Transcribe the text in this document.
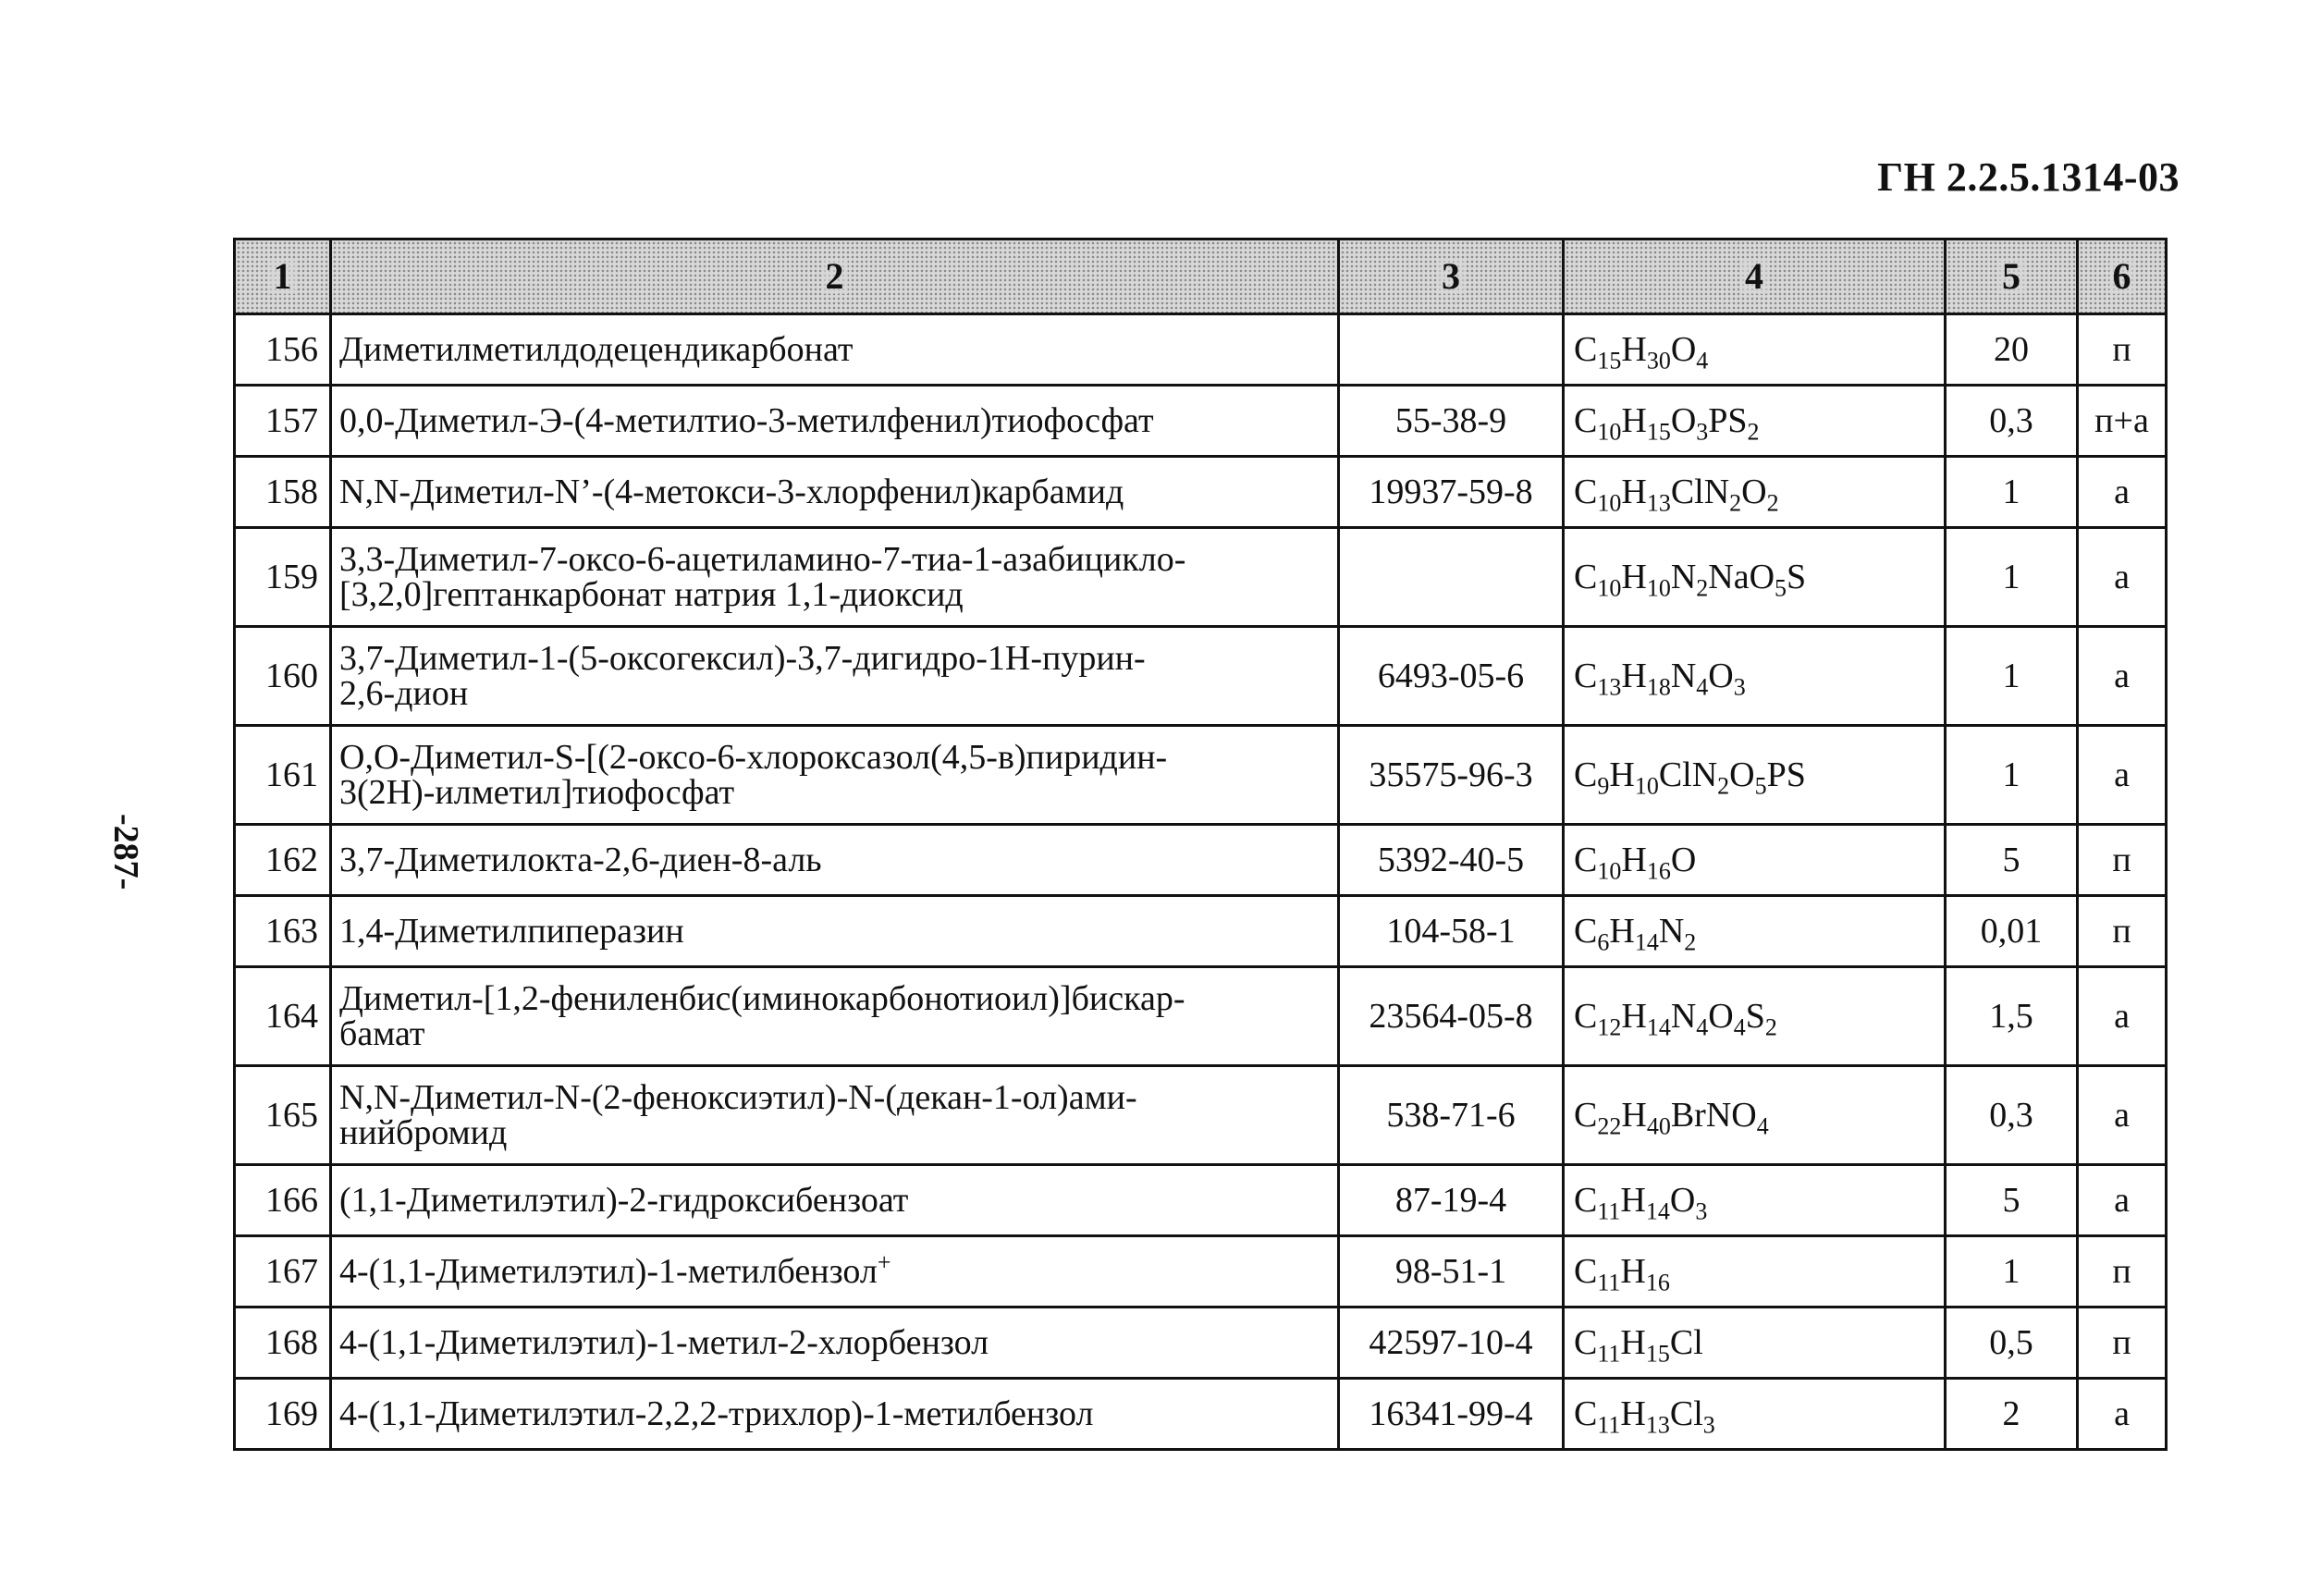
ГН 2.2.5.1314-03
-287-
1	2	3	4	5	6
156	Диметилметилдодецендикарбонат		$C_{15}H_{30}O_4$	20	п
157	0,0-Диметил-Э-(4-метилтио-3-метилфенил)тиофосфат	55-38-9	$C_{10}H_{15}O_3PS_2$	0,3	п+а
158	N,N-Диметил-N’-(4-метокси-3-хлорфенил)карбамид	19937-59-8	$C_{10}H_{13}ClN_2O_2$	1	а
159	3,3-Диметил-7-оксо-6-ацетиламино-7-тиа-1-азабицикло-
[3,2,0]гептанкарбонат натрия 1,1-диоксид		$C_{10}H_{10}N_2NaO_5S$	1	а
160	3,7-Диметил-1-(5-оксогексил)-3,7-дигидро-1Н-пурин-
2,6-дион	6493-05-6	$C_{13}H_{18}N_4O_3$	1	а
161	O,O-Диметил-S-[(2-оксо-6-хлороксазол(4,5-в)пиридин-
3(2H)-илметил]тиофосфат	35575-96-3	$C_9H_{10}ClN_2O_5PS$	1	а
162	3,7-Диметилокта-2,6-диен-8-аль	5392-40-5	$C_{10}H_{16}O$	5	п
163	1,4-Диметилпиперазин	104-58-1	$C_6H_{14}N_2$	0,01	п
164	Диметил-[1,2-фениленбис(иминокарбонотиоил)]бискар-
бамат	23564-05-8	$C_{12}H_{14}N_4O_4S_2$	1,5	а
165	N,N-Диметил-N-(2-феноксиэтил)-N-(декан-1-ол)ами-
нийбромид	538-71-6	$C_{22}H_{40}BrNO_4$	0,3	а
166	(1,1-Диметилэтил)-2-гидроксибензоат	87-19-4	$C_{11}H_{14}O_3$	5	а
167	4-(1,1-Диметилэтил)-1-метилбензол+	98-51-1	$C_{11}H_{16}$	1	п
168	4-(1,1-Диметилэтил)-1-метил-2-хлорбензол	42597-10-4	$C_{11}H_{15}Cl$	0,5	п
169	4-(1,1-Диметилэтил-2,2,2-трихлор)-1-метилбензол	16341-99-4	$C_{11}H_{13}Cl_3$	2	а
